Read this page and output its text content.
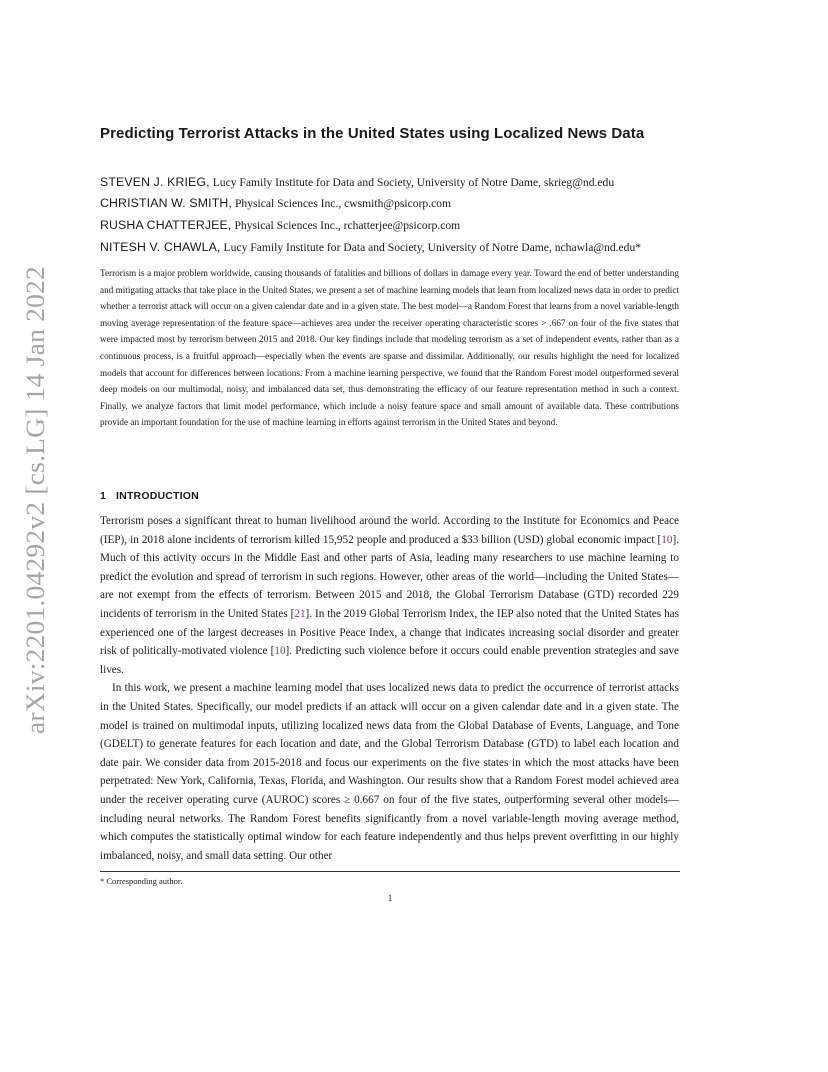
arXiv:2201.04292v2 [cs.LG] 14 Jan 2022
Predicting Terrorist Attacks in the United States using Localized News Data
STEVEN J. KRIEG, Lucy Family Institute for Data and Society, University of Notre Dame, skrieg@nd.edu
CHRISTIAN W. SMITH, Physical Sciences Inc., cwsmith@psicorp.com
RUSHA CHATTERJEE, Physical Sciences Inc., rchatterjee@psicorp.com
NITESH V. CHAWLA, Lucy Family Institute for Data and Society, University of Notre Dame, nchawla@nd.edu*

Terrorism is a major problem worldwide, causing thousands of fatalities and billions of dollars in damage every year. Toward the end of better understanding and mitigating attacks that take place in the United States, we present a set of machine learning models that learn from localized news data in order to predict whether a terrorist attack will occur on a given calendar date and in a given state. The best model—a Random Forest that learns from a novel variable-length moving average representation of the feature space—achieves area under the receiver operating characteristic scores > .667 on four of the five states that were impacted most by terrorism between 2015 and 2018. Our key findings include that modeling terrorism as a set of independent events, rather than as a continuous process, is a fruitful approach—especially when the events are sparse and dissimilar. Additionally, our results highlight the need for localized models that account for differences between locations. From a machine learning perspective, we found that the Random Forest model outperformed several deep models on our multimodal, noisy, and imbalanced data set, thus demonstrating the efficacy of our feature representation method in such a context. Finally, we analyze factors that limit model performance, which include a noisy feature space and small amount of available data. These contributions provide an important foundation for the use of machine learning in efforts against terrorism in the United States and beyond.

1 INTRODUCTION

Terrorism poses a significant threat to human livelihood around the world. According to the Institute for Economics and Peace (IEP), in 2018 alone incidents of terrorism killed 15,952 people and produced a $33 billion (USD) global economic impact [10]. Much of this activity occurs in the Middle East and other parts of Asia, leading many researchers to use machine learning to predict the evolution and spread of terrorism in such regions. However, other areas of the world—including the United States—are not exempt from the effects of terrorism. Between 2015 and 2018, the Global Terrorism Database (GTD) recorded 229 incidents of terrorism in the United States [21]. In the 2019 Global Terrorism Index, the IEP also noted that the United States has experienced one of the largest decreases in Positive Peace Index, a change that indicates increasing social disorder and greater risk of politically-motivated violence [10]. Predicting such violence before it occurs could enable prevention strategies and save lives.

In this work, we present a machine learning model that uses localized news data to predict the occurrence of terrorist attacks in the United States. Specifically, our model predicts if an attack will occur on a given calendar date and in a given state. The model is trained on multimodal inputs, utilizing localized news data from the Global Database of Events, Language, and Tone (GDELT) to generate features for each location and date, and the Global Terrorism Database (GTD) to label each location and date pair. We consider data from 2015-2018 and focus our experiments on the five states in which the most attacks have been perpetrated: New York, California, Texas, Florida, and Washington. Our results show that a Random Forest model achieved area under the receiver operating curve (AUROC) scores ≥ 0.667 on four of the five states, outperforming several other models—including neural networks. The Random Forest benefits significantly from a novel variable-length moving average method, which computes the statistically optimal window for each feature independently and thus helps prevent overfitting in our highly imbalanced, noisy, and small data setting. Our other

* Corresponding author.
1
